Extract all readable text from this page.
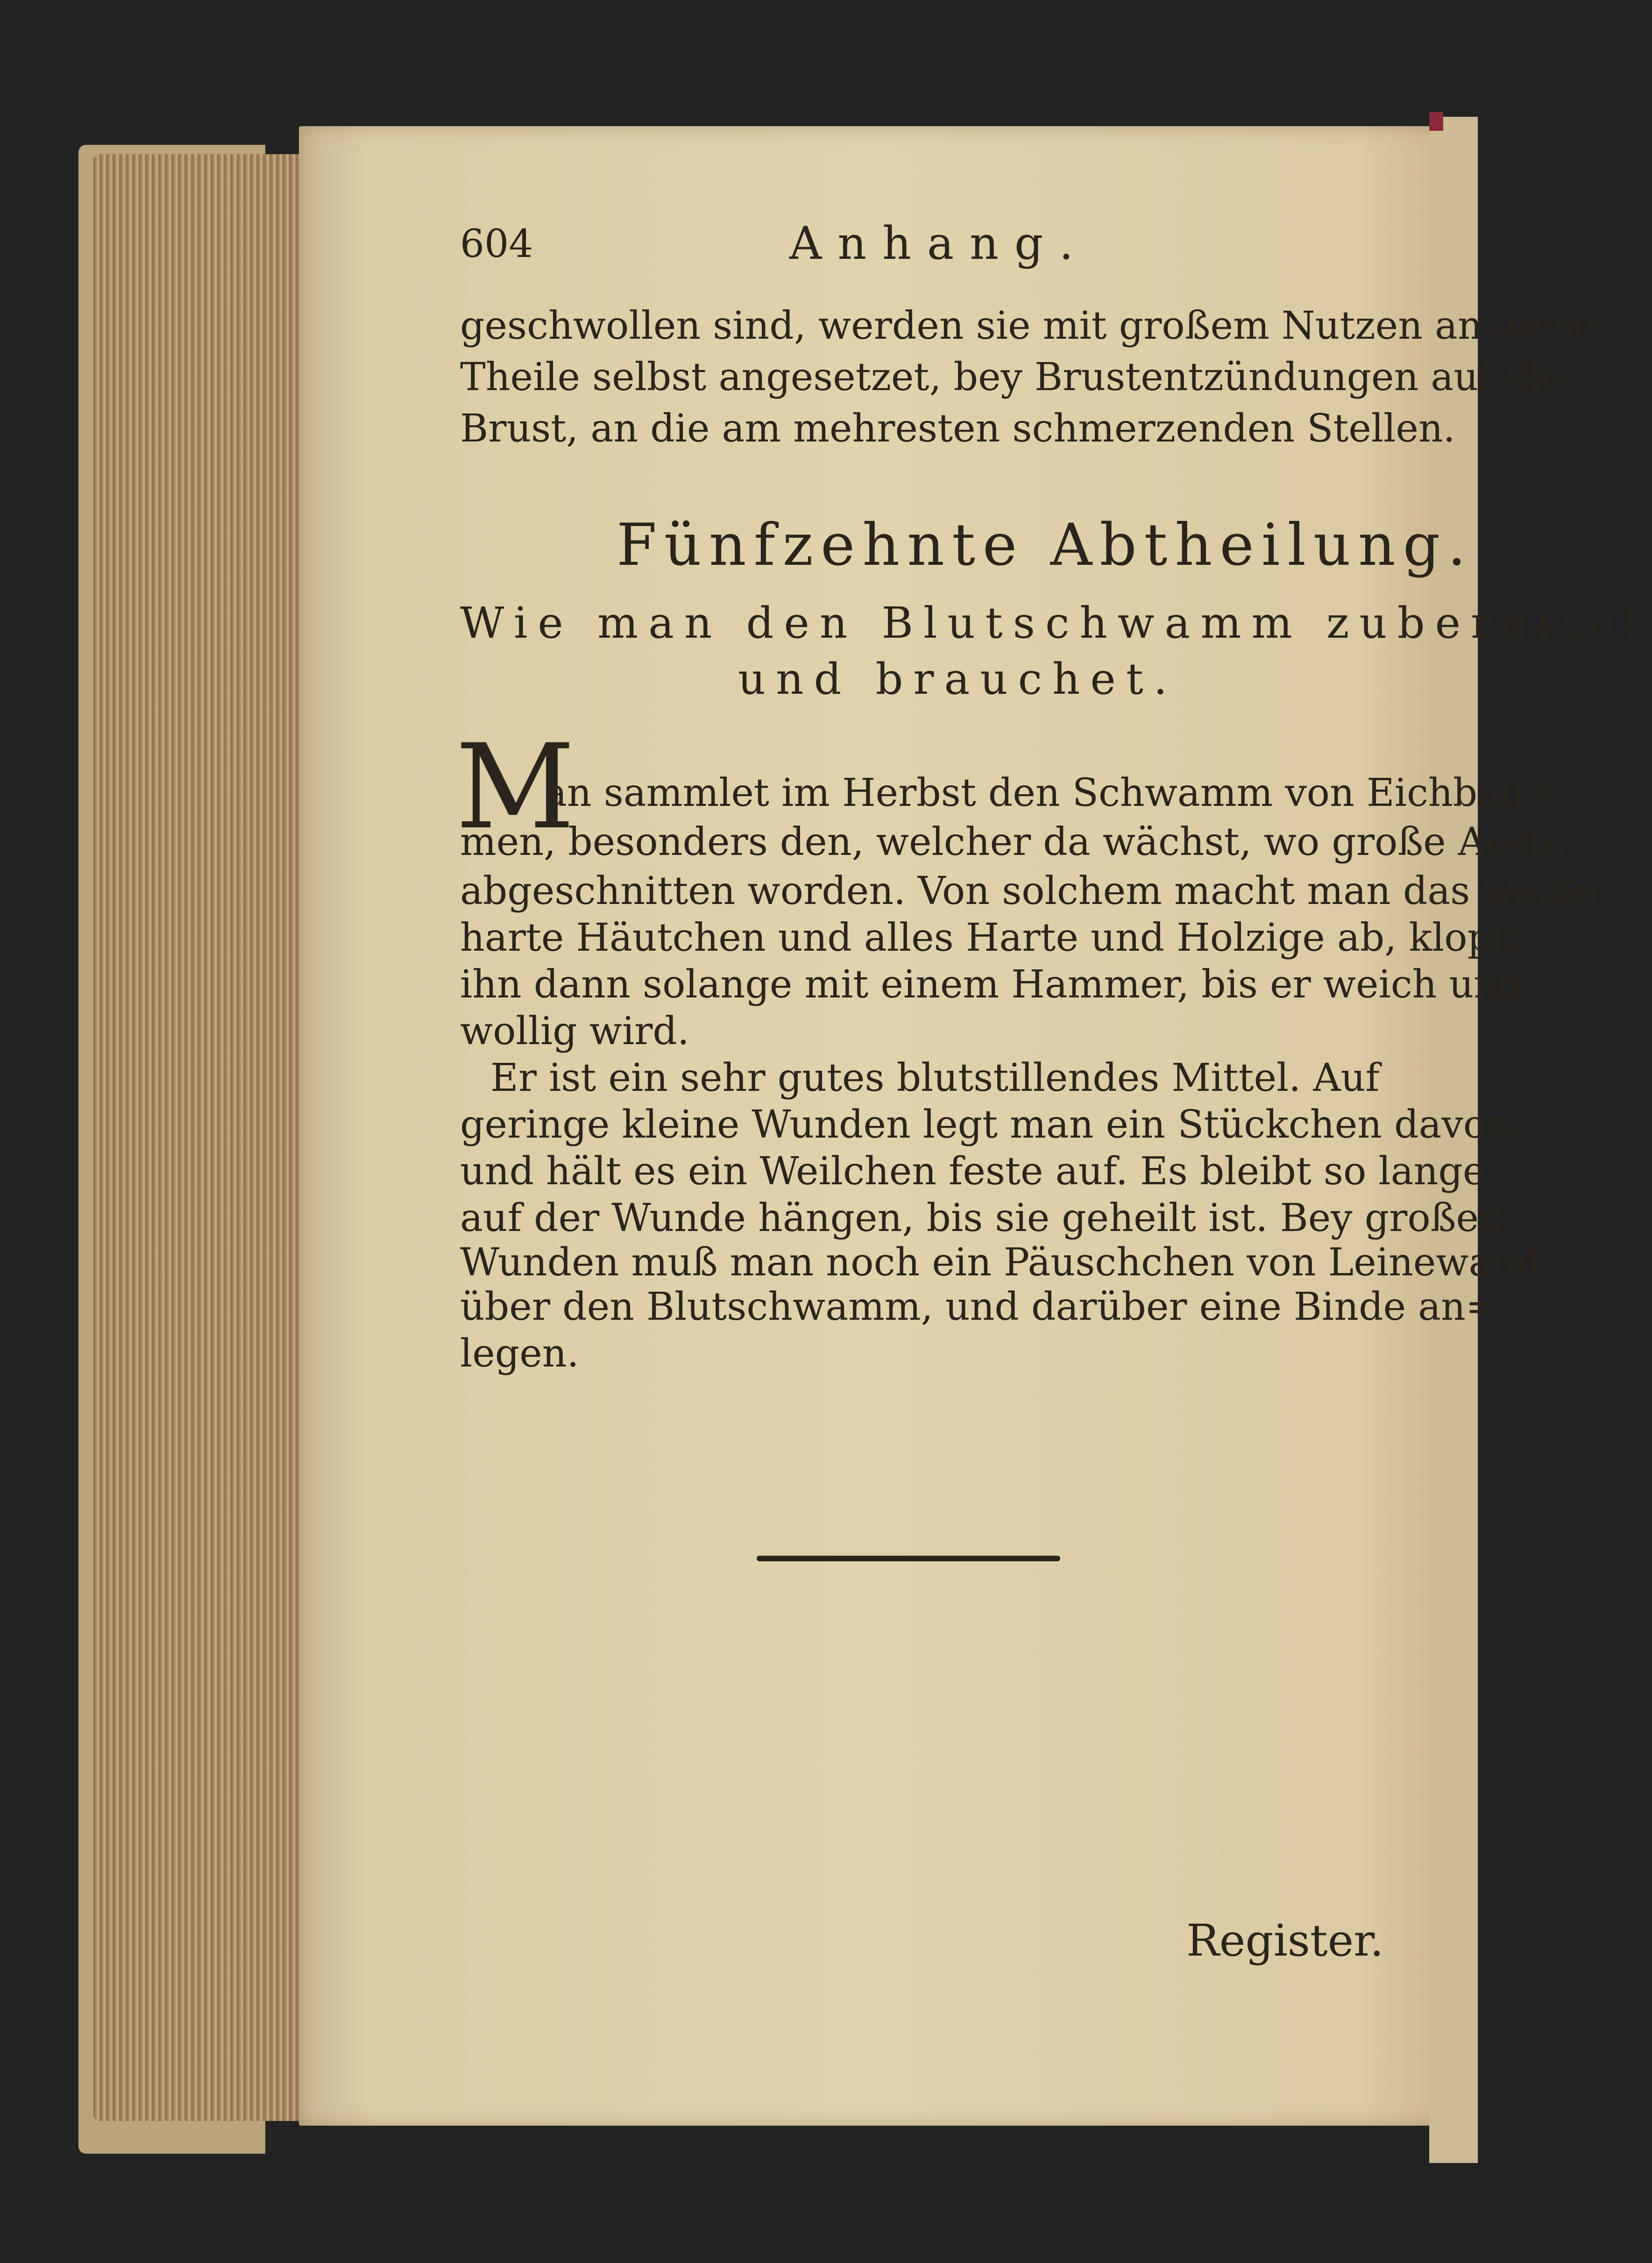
604	Anhang.
geschwollen sind, werden sie mit großem Nutzen an diese
Theile selbst angesetzet, bey Brustentzündungen auf die
Brust, an die am mehresten schmerzenden Stellen.
Fünfzehnte Abtheilung.
Wie man den Blutschwamm zubereitet
und brauchet.
M
an sammlet im Herbst den Schwamm von Eichbäu=
men, besonders den, welcher da wächst, wo große Aeste
abgeschnitten worden. Von solchem macht man das weiße
harte Häutchen und alles Harte und Holzige ab, klopft
ihn dann solange mit einem Hammer, bis er weich und
wollig wird.
Er ist ein sehr gutes blutstillendes Mittel. Auf
geringe kleine Wunden legt man ein Stückchen davon,
und hält es ein Weilchen feste auf. Es bleibt so lange
auf der Wunde hängen, bis sie geheilt ist. Bey großen
Wunden muß man noch ein Päuschchen von Leinewand
über den Blutschwamm, und darüber eine Binde an=
legen.
Register.
